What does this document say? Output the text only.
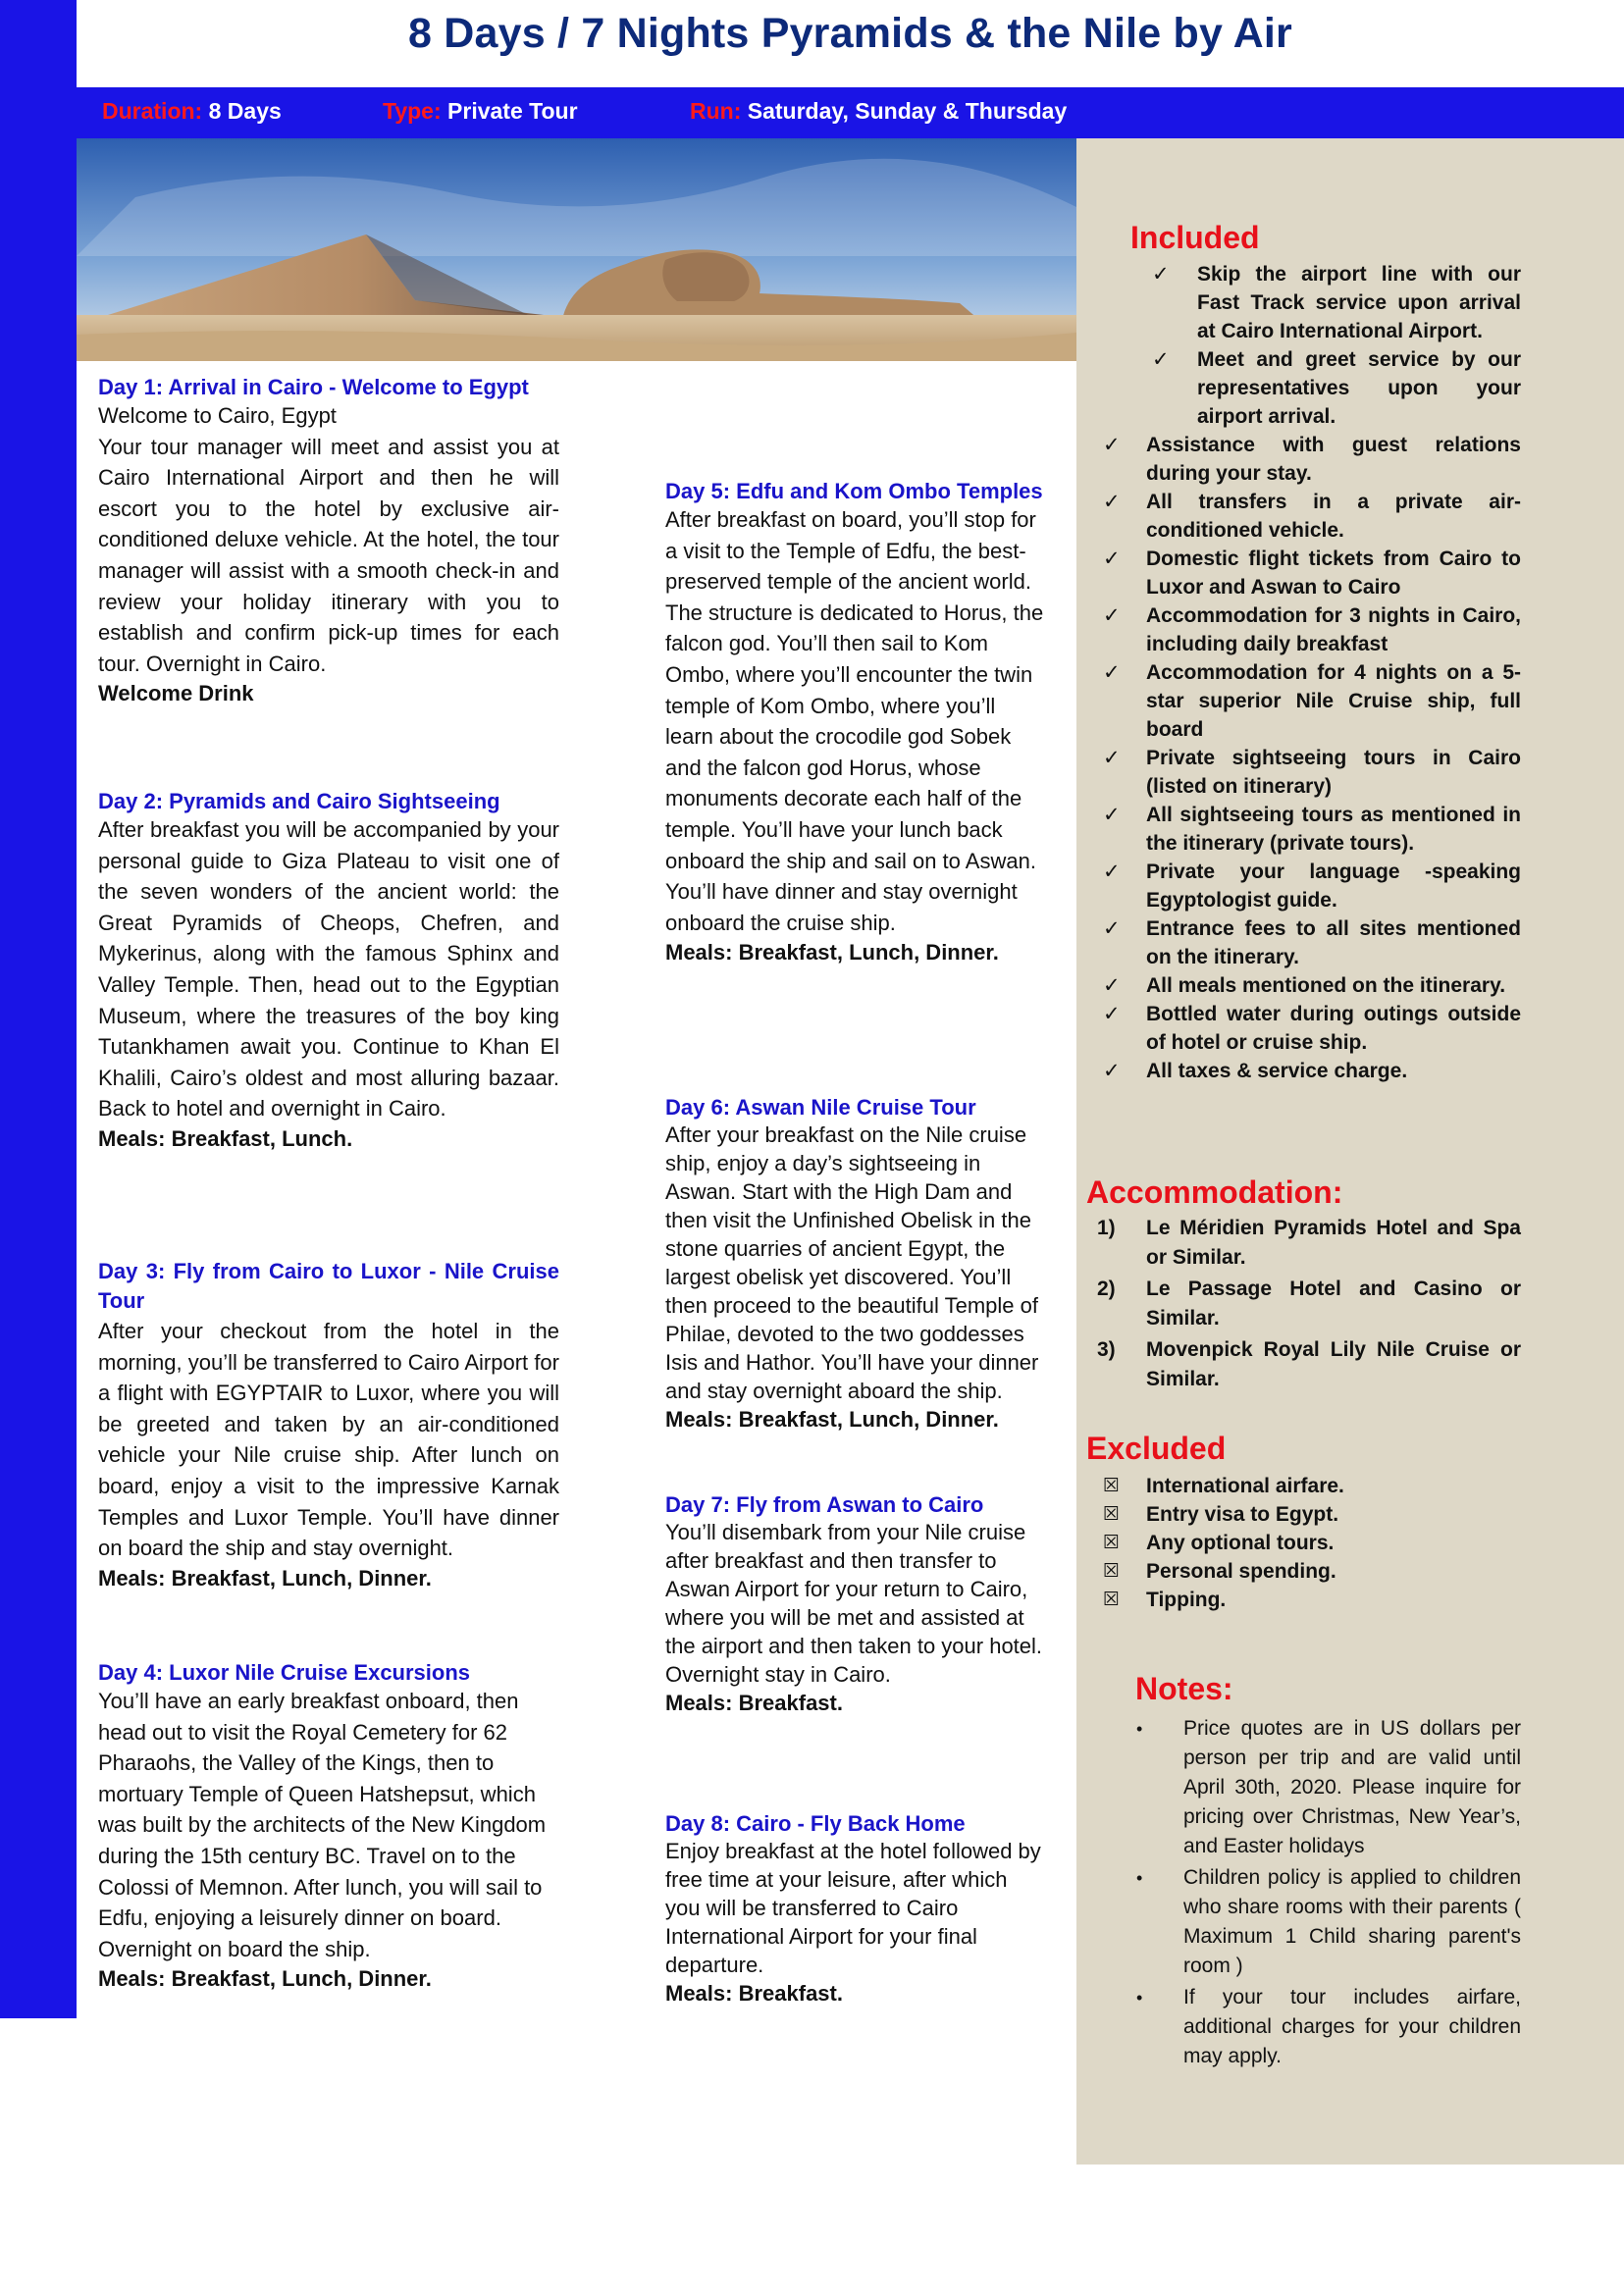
8 Days / 7 Nights Pyramids & the Nile by Air
Duration: 8 Days	Type: Private Tour	Run: Saturday, Sunday & Thursday
Day 1: Arrival in Cairo - Welcome to Egypt
Welcome to Cairo, Egypt
Your tour manager will meet and assist you at Cairo International Airport and then he will escort you to the hotel by exclusive air-conditioned deluxe vehicle. At the hotel, the tour manager will assist with a smooth check-in and review your holiday itinerary with you to establish and confirm pick-up times for each tour. Overnight in Cairo.
Welcome Drink
Day 2: Pyramids and Cairo Sightseeing
After breakfast you will be accompanied by your personal guide to Giza Plateau to visit one of the seven wonders of the ancient world: the Great Pyramids of Cheops, Chefren, and Mykerinus, along with the famous Sphinx and Valley Temple. Then, head out to the Egyptian Museum, where the treasures of the boy king Tutankhamen await you. Continue to Khan El Khalili, Cairo’s oldest and most alluring bazaar. Back to hotel and overnight in Cairo.
Meals: Breakfast, Lunch.
Day 3: Fly from Cairo to Luxor - Nile Cruise Tour
After your checkout from the hotel in the morning, you’ll be transferred to Cairo Airport for a flight with EGYPTAIR to Luxor, where you will be greeted and taken by an air-conditioned vehicle your Nile cruise ship. After lunch on board, enjoy a visit to the impressive Karnak Temples and Luxor Temple. You’ll have dinner on board the ship and stay overnight.
Meals: Breakfast, Lunch, Dinner.
Day 4: Luxor Nile Cruise Excursions
You’ll have an early breakfast onboard, then head out to visit the Royal Cemetery for 62 Pharaohs, the Valley of the Kings, then to mortuary Temple of Queen Hatshepsut, which was built by the architects of the New Kingdom during the 15th century BC. Travel on to the Colossi of Memnon. After lunch, you will sail to Edfu, enjoying a leisurely dinner on board. Overnight on board the ship.
Meals: Breakfast, Lunch, Dinner.
Day 5: Edfu and Kom Ombo Temples
After breakfast on board, you’ll stop for a visit to the Temple of Edfu, the best-preserved temple of the ancient world. The structure is dedicated to Horus, the falcon god. You’ll then sail to Kom Ombo, where you’ll encounter the twin temple of Kom Ombo, where you’ll learn about the crocodile god Sobek and the falcon god Horus, whose monuments decorate each half of the temple. You’ll have your lunch back onboard the ship and sail on to Aswan. You’ll have dinner and stay overnight onboard the cruise ship.
Meals: Breakfast, Lunch, Dinner.
Day 6: Aswan Nile Cruise Tour
After your breakfast on the Nile cruise ship, enjoy a day’s sightseeing in Aswan. Start with the High Dam and then visit the Unfinished Obelisk in the stone quarries of ancient Egypt, the largest obelisk yet discovered. You’ll then proceed to the beautiful Temple of Philae, devoted to the two goddesses Isis and Hathor. You’ll have your dinner and stay overnight aboard the ship.
Meals: Breakfast, Lunch, Dinner.
Day 7: Fly from Aswan to Cairo
You’ll disembark from your Nile cruise after breakfast and then transfer to Aswan Airport for your return to Cairo, where you will be met and assisted at the airport and then taken to your hotel. Overnight stay in Cairo.
Meals: Breakfast.
Day 8: Cairo - Fly Back Home
Enjoy breakfast at the hotel followed by free time at your leisure, after which you will be transferred to Cairo International Airport for your final departure.
Meals: Breakfast.
Included
✓	Skip the airport line with our Fast Track service upon arrival at Cairo International Airport.
✓	Meet and greet service by our representatives upon your airport arrival.
✓ Assistance with guest relations during your stay.
✓ All transfers in a private air-conditioned vehicle.
✓ Domestic flight tickets from Cairo to Luxor and Aswan to Cairo
✓ Accommodation for 3 nights in Cairo, including daily breakfast
✓ Accommodation for 4 nights on a 5-star superior Nile Cruise ship, full board
✓ Private sightseeing tours in Cairo (listed on itinerary)
✓ All sightseeing tours as mentioned in the itinerary (private tours).
✓ Private your language -speaking Egyptologist guide.
✓ Entrance fees to all sites mentioned on the itinerary.
✓ All meals mentioned on the itinerary.
✓ Bottled water during outings outside of hotel or cruise ship.
✓ All taxes & service charge.
Accommodation:
1) Le Méridien Pyramids Hotel and Spa or Similar.
2) Le Passage Hotel and Casino or Similar.
3) Movenpick Royal Lily Nile Cruise or Similar.
Excluded
☒ International airfare.
☒ Entry visa to Egypt.
☒ Any optional tours.
☒ Personal spending.
☒ Tipping.
Notes:
• Price quotes are in US dollars per person per trip and are valid until April 30th, 2020. Please inquire for pricing over Christmas, New Year’s, and Easter holidays
• Children policy is applied to children who share rooms with their parents ( Maximum 1 Child sharing parent's room )
• If your tour includes airfare, additional charges for your children may apply.
